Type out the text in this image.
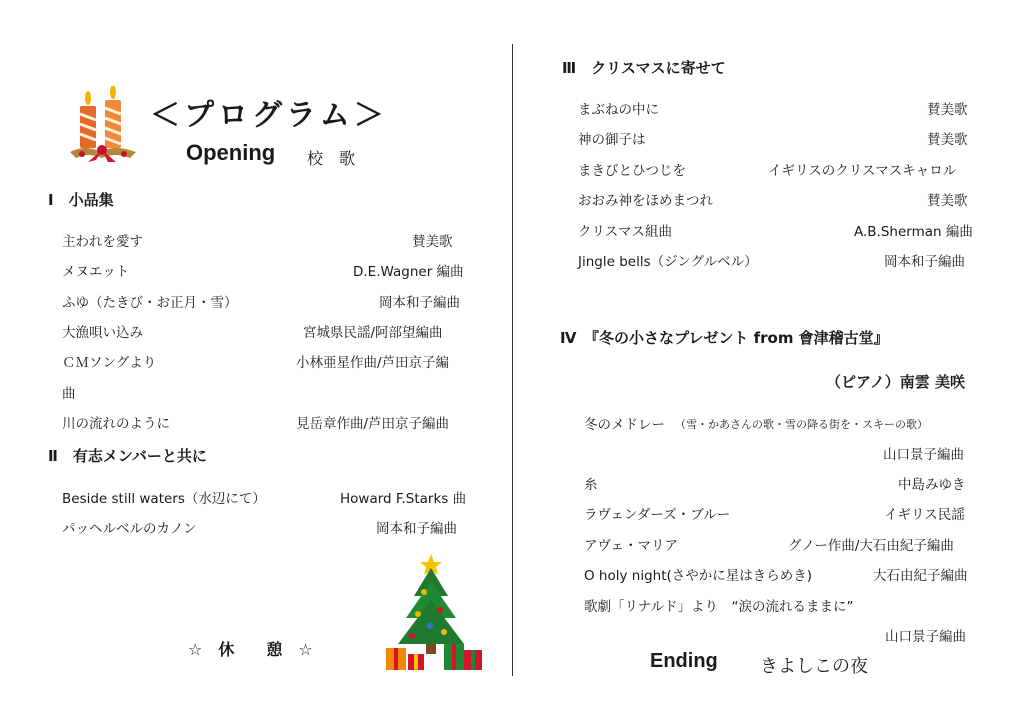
＜プログラム＞
Opening 校　歌
Ⅰ　小品集
主われを愛す	賛美歌
メヌエット	D.E.Wagner 編曲
ふゆ（たきび・お正月・雪）	岡本和子編曲
大漁唄い込み	宮城県民謡/阿部望編曲
ＣＭソングより	小林亜星作曲/芦田京子編
曲
川の流れのように	見岳章作曲/芦田京子編曲
Ⅱ　有志メンバーと共に
Beside still waters（水辺にて）	Howard F.Starks 曲
パッヘルベルのカノン	岡本和子編曲
☆　休　　憩　☆
Ⅲ　クリスマスに寄せて
まぶねの中に	賛美歌
神の御子は	賛美歌
まきびとひつじを	イギリスのクリスマスキャロル
おおみ神をほめまつれ	賛美歌
クリスマス組曲	A.B.Sherman 編曲
Jingle bells（ジングルベル）	岡本和子編曲
Ⅳ　『冬の小さなプレゼント from 會津稽古堂』
（ピアノ）南雲 美咲
冬のメドレー （雪・かあさんの歌・雪の降る街を・スキーの歌）
山口景子編曲
糸	中島みゆき
ラヴェンダーズ・ブルー	イギリス民謡
アヴェ・マリア	グノー作曲/大石由紀子編曲
O holy night(さやかに星はきらめき)	大石由紀子編曲
歌劇「リナルド」より　“涙の流れるままに”
山口景子編曲
Ending きよしこの夜
